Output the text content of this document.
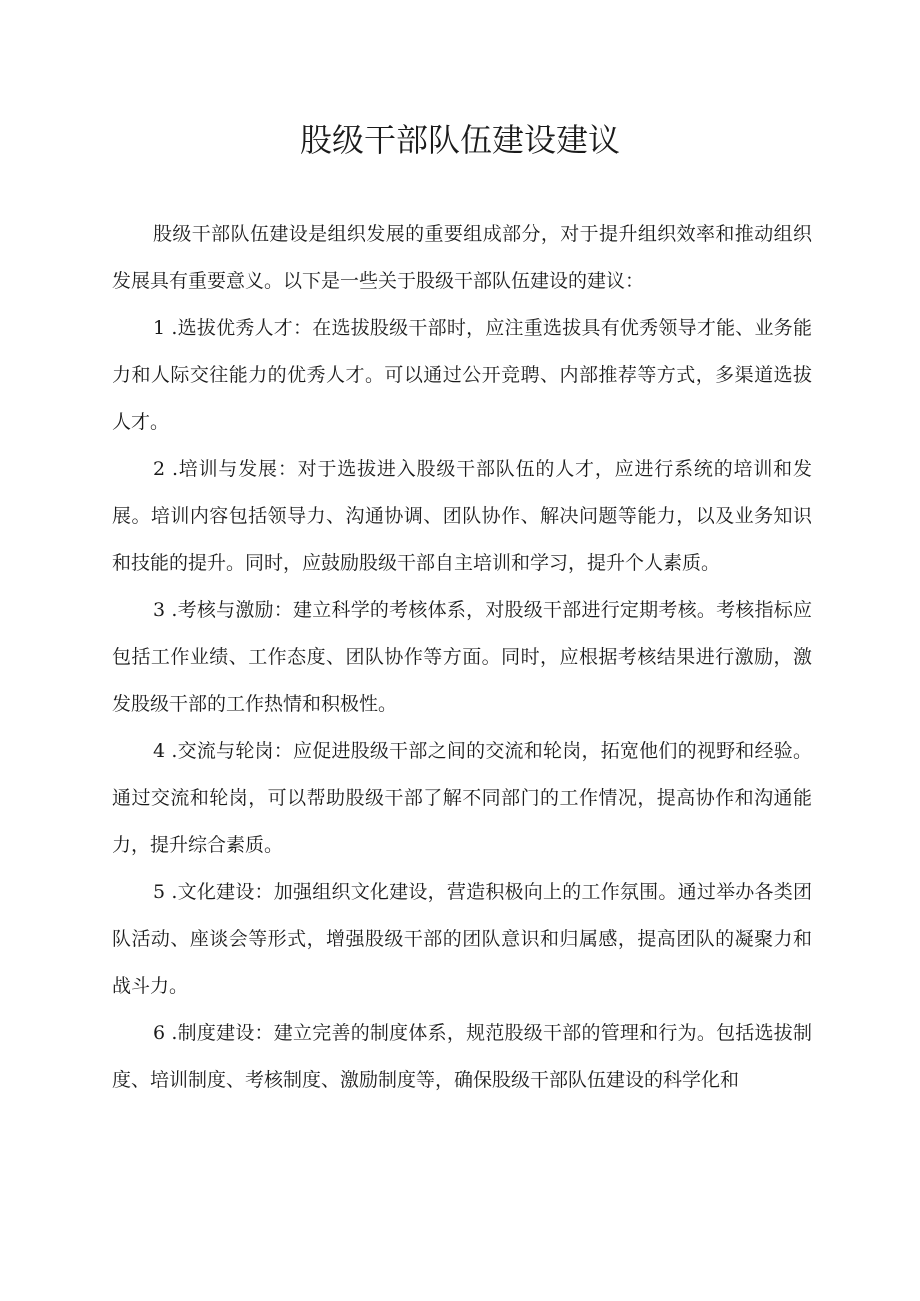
股级干部队伍建设建议

股级干部队伍建设是组织发展的重要组成部分，对于提升组织效率和推动组织发展具有重要意义。以下是一些关于股级干部队伍建设的建议：

1 .选拔优秀人才：在选拔股级干部时，应注重选拔具有优秀领导才能、业务能力和人际交往能力的优秀人才。可以通过公开竞聘、内部推荐等方式，多渠道选拔人才。

2 .培训与发展：对于选拔进入股级干部队伍的人才，应进行系统的培训和发展。培训内容包括领导力、沟通协调、团队协作、解决问题等能力，以及业务知识和技能的提升。同时，应鼓励股级干部自主培训和学习，提升个人素质。

3 .考核与激励：建立科学的考核体系，对股级干部进行定期考核。考核指标应包括工作业绩、工作态度、团队协作等方面。同时，应根据考核结果进行激励，激发股级干部的工作热情和积极性。

4 .交流与轮岗：应促进股级干部之间的交流和轮岗，拓宽他们的视野和经验。通过交流和轮岗，可以帮助股级干部了解不同部门的工作情况，提高协作和沟通能力，提升综合素质。

5 .文化建设：加强组织文化建设，营造积极向上的工作氛围。通过举办各类团队活动、座谈会等形式，增强股级干部的团队意识和归属感，提高团队的凝聚力和战斗力。

6 .制度建设：建立完善的制度体系，规范股级干部的管理和行为。包括选拔制度、培训制度、考核制度、激励制度等，确保股级干部队伍建设的科学化和
